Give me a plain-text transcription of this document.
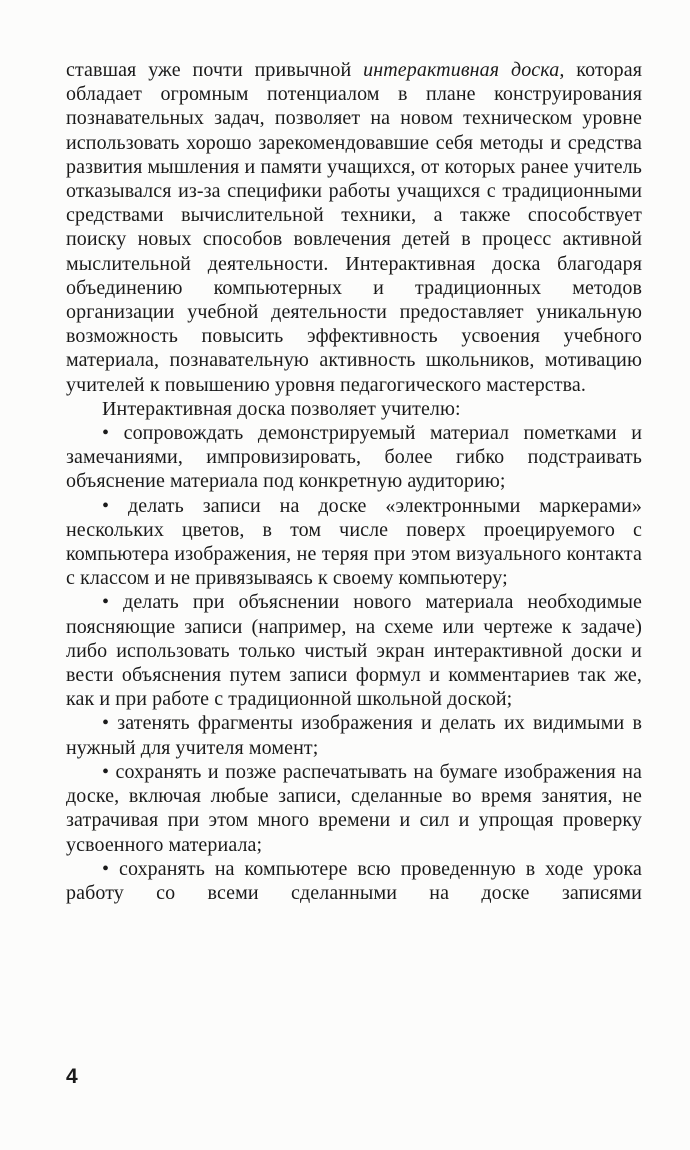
ставшая уже почти привычной интерактивная доска, которая обладает огромным потенциалом в плане конструирования познавательных задач, позволяет на новом техническом уровне использовать хорошо зарекомендовавшие себя методы и средства развития мышления и памяти учащихся, от которых ранее учитель отказывался из-за специфики работы учащихся с традиционными средствами вычислительной техники, а также способствует поиску новых способов вовлечения детей в процесс активной мыслительной деятельности. Интерактивная доска благодаря объединению компьютерных и традиционных методов организации учебной деятельности предоставляет уникальную возможность повысить эффективность усвоения учебного материала, познавательную активность школьников, мотивацию учителей к повышению уровня педагогического мастерства.

Интерактивная доска позволяет учителю:

• сопровождать демонстрируемый материал пометками и замечаниями, импровизировать, более гибко подстраивать объяснение материала под конкретную аудиторию;

• делать записи на доске «электронными маркерами» нескольких цветов, в том числе поверх проецируемого с компьютера изображения, не теряя при этом визуального контакта с классом и не привязываясь к своему компьютеру;

• делать при объяснении нового материала необходимые поясняющие записи (например, на схеме или чертеже к задаче) либо использовать только чистый экран интерактивной доски и вести объяснения путем записи формул и комментариев так же, как и при работе с традиционной школьной доской;

• затенять фрагменты изображения и делать их видимыми в нужный для учителя момент;

• сохранять и позже распечатывать на бумаге изображения на доске, включая любые записи, сделанные во время занятия, не затрачивая при этом много времени и сил и упрощая проверку усвоенного материала;

• сохранять на компьютере всю проведенную в ходе урока работу со всеми сделанными на доске записями

4
